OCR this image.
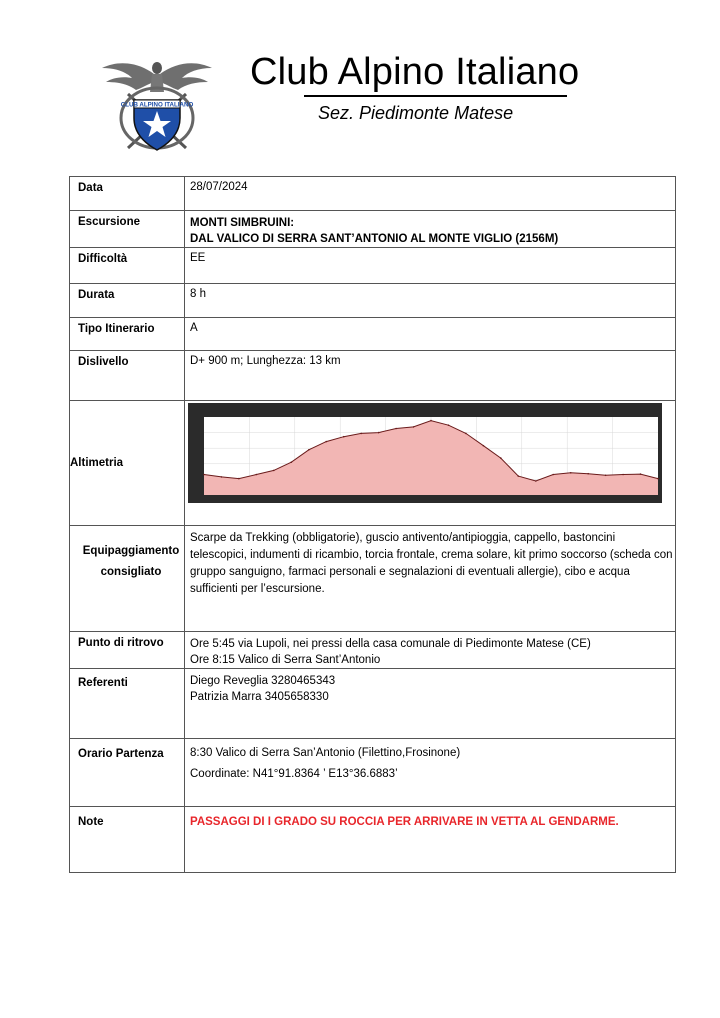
CLUB ALPINO ITALIANO
Club Alpino Italiano
Sez. Piedimonte Matese
Data	28/07/2024

Escursione	MONTI SIMBRUINI:
DAL VALICO DI SERRA SANT’ANTONIO AL MONTE VIGLIO (2156M)

Difficoltà	EE

Durata	8 h

Tipo Itinerario	A

Dislivello	D+ 900 m; Lunghezza: 13 km

Altimetria

Equipaggiamento
consigliato	Scarpe da Trekking (obbligatorie), guscio antivento/antipioggia, cappello, bastoncini telescopici, indumenti di ricambio, torcia frontale, crema solare, kit primo soccorso (scheda con gruppo sanguigno, farmaci personali e segnalazioni di eventuali allergie), cibo e acqua sufficienti per l’escursione.

Punto di ritrovo	Ore 5:45 via Lupoli, nei pressi della casa comunale di Piedimonte Matese (CE)
Ore 8:15 Valico di Serra Sant’Antonio

Referenti	Diego Reveglia 3280465343
Patrizia Marra 3405658330

Orario Partenza	8:30 Valico di Serra San’Antonio (Filettino,Frosinone)
Coordinate: N41°91.8364 ’ E13°36.6883’

Note	PASSAGGI DI I GRADO SU ROCCIA PER ARRIVARE IN VETTA AL GENDARME.
